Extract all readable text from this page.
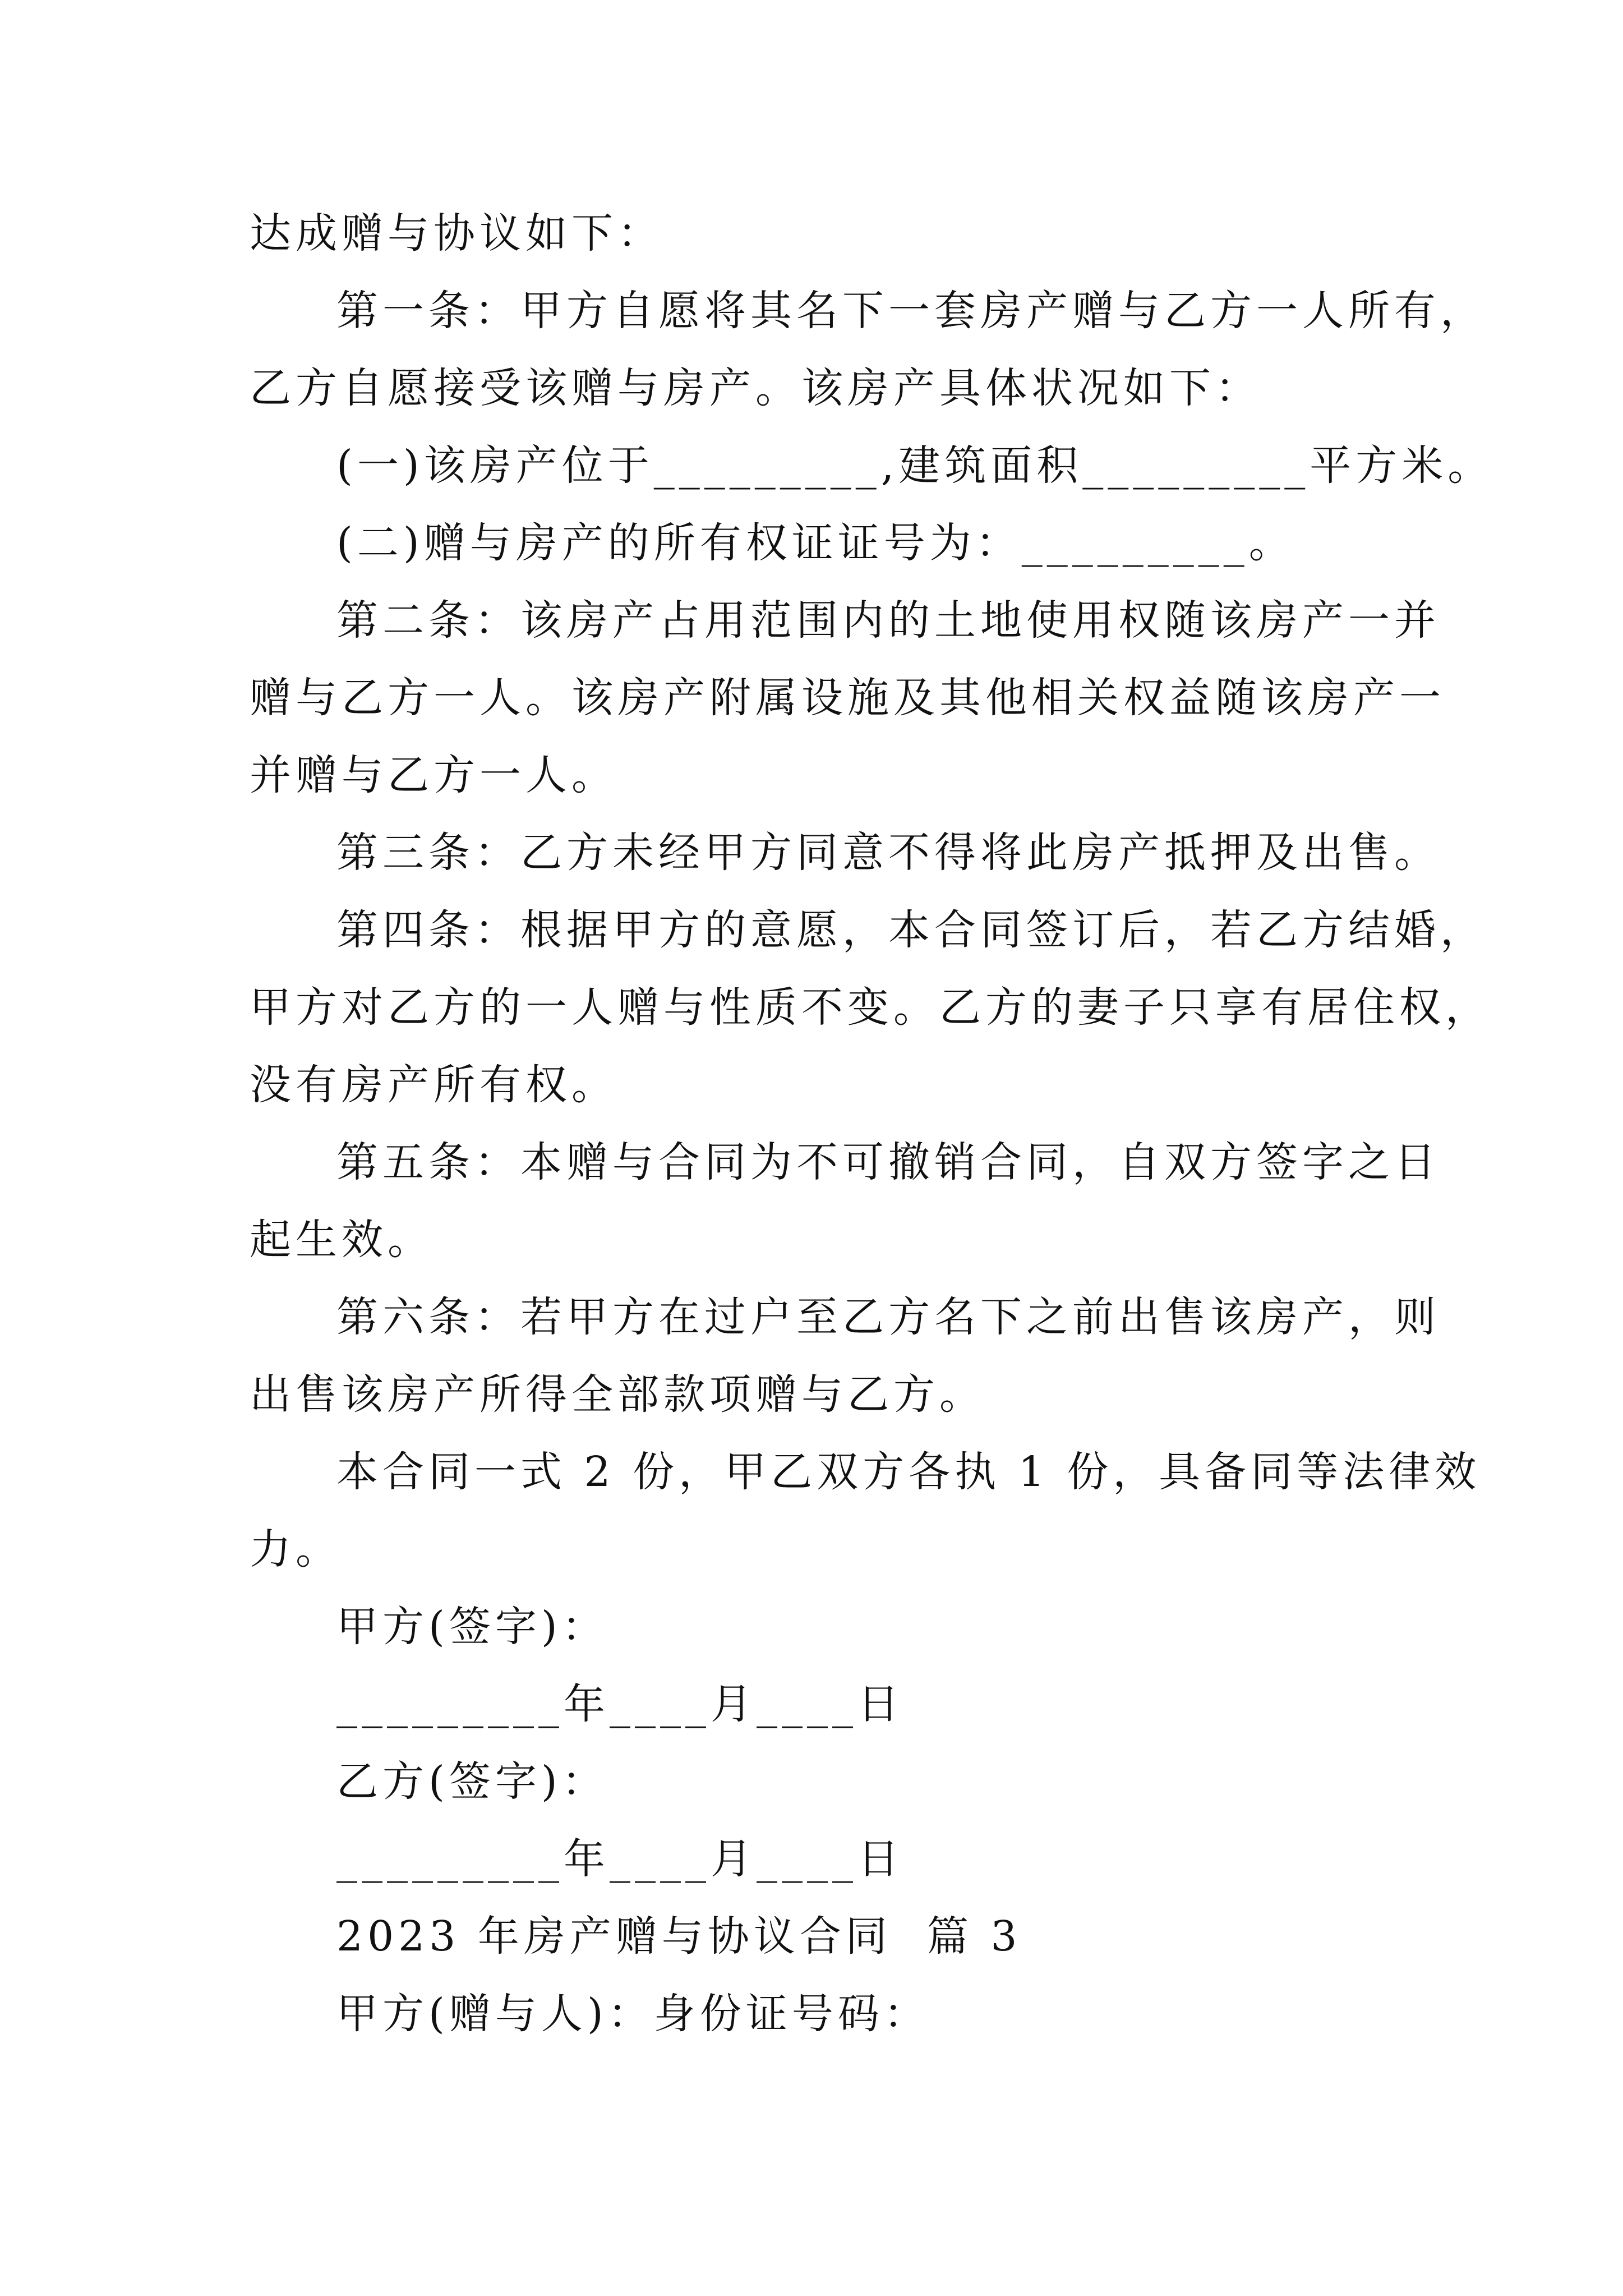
达成赠与协议如下：
第一条：甲方自愿将其名下一套房产赠与乙方一人所有，
乙方自愿接受该赠与房产。该房产具体状况如下：
(一)该房产位于_________,建筑面积_________平方米。
(二)赠与房产的所有权证证号为：_________。
第二条：该房产占用范围内的土地使用权随该房产一并
赠与乙方一人。该房产附属设施及其他相关权益随该房产一
并赠与乙方一人。
第三条：乙方未经甲方同意不得将此房产抵押及出售。
第四条：根据甲方的意愿，本合同签订后，若乙方结婚，
甲方对乙方的一人赠与性质不变。乙方的妻子只享有居住权，
没有房产所有权。
第五条：本赠与合同为不可撤销合同，自双方签字之日
起生效。
第六条：若甲方在过户至乙方名下之前出售该房产，则
出售该房产所得全部款项赠与乙方。
本合同一式 2 份，甲乙双方各执 1 份，具备同等法律效
力。
甲方(签字)：
_________年____月____日
乙方(签字)：
_________年____月____日
2023 年房产赠与协议合同  篇 3
甲方(赠与人)：身份证号码：
